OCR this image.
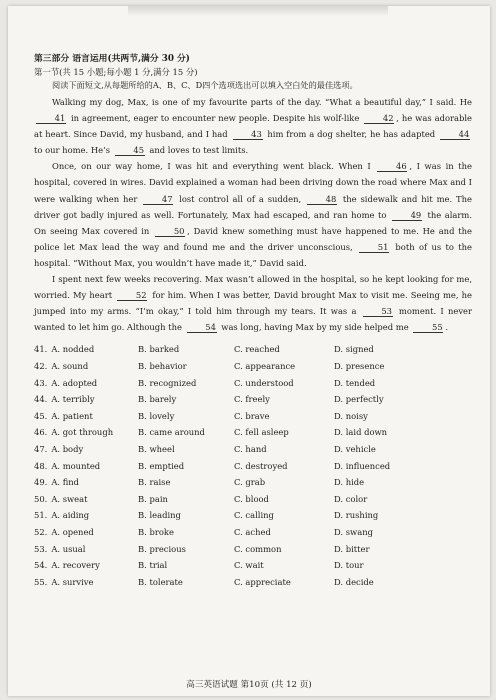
第三部分 语言运用(共两节,满分 30 分)
第一节(共 15 小题;每小题 1 分,满分 15 分)
阅读下面短文,从每题所给的A、B、C、D四个选项选出可以填入空白处的最佳选项。

Walking my dog, Max, is one of my favourite parts of the day. “What a beautiful day,” I said. He 41 in agreement, eager to encounter new people. Despite his wolf-like 42 , he was adorable at heart. Since David, my husband, and I had 43 him from a dog shelter, he has adapted 44 to our home. He’s 45 and loves to test limits.

Once, on our way home, I was hit and everything went black. When I 46 , I was in the hospital, covered in wires. David explained a woman had been driving down the road where Max and I were walking when her 47 lost control all of a sudden, 48 the sidewalk and hit me. The driver got badly injured as well. Fortunately, Max had escaped, and ran home to 49 the alarm. On seeing Max covered in 50 , David knew something must have happened to me. He and the police let Max lead the way and found me and the driver unconscious, 51 both of us to the hospital. “Without Max, you wouldn’t have made it,” David said.

I spent next few weeks recovering. Max wasn’t allowed in the hospital, so he kept looking for me, worried. My heart 52 for him. When I was better, David brought Max to visit me. Seeing me, he jumped into my arms. “I’m okay,” I told him through my tears. It was a 53 moment. I never wanted to let him go. Although the 54 was long, having Max by my side helped me 55 .

41. A. nodded	B. barked	C. reached	D. signed
42. A. sound	B. behavior	C. appearance	D. presence
43. A. adopted	B. recognized	C. understood	D. tended
44. A. terribly	B. barely	C. freely	D. perfectly
45. A. patient	B. lovely	C. brave	D. noisy
46. A. got through	B. came around	C. fell asleep	D. laid down
47. A. body	B. wheel	C. hand	D. vehicle
48. A. mounted	B. emptied	C. destroyed	D. influenced
49. A. find	B. raise	C. grab	D. hide
50. A. sweat	B. pain	C. blood	D. color
51. A. aiding	B. leading	C. calling	D. rushing
52. A. opened	B. broke	C. ached	D. swang
53. A. usual	B. precious	C. common	D. bitter
54. A. recovery	B. trial	C. wait	D. tour
55. A. survive	B. tolerate	C. appreciate	D. decide
高三英语试题 第10页 (共 12 页)
